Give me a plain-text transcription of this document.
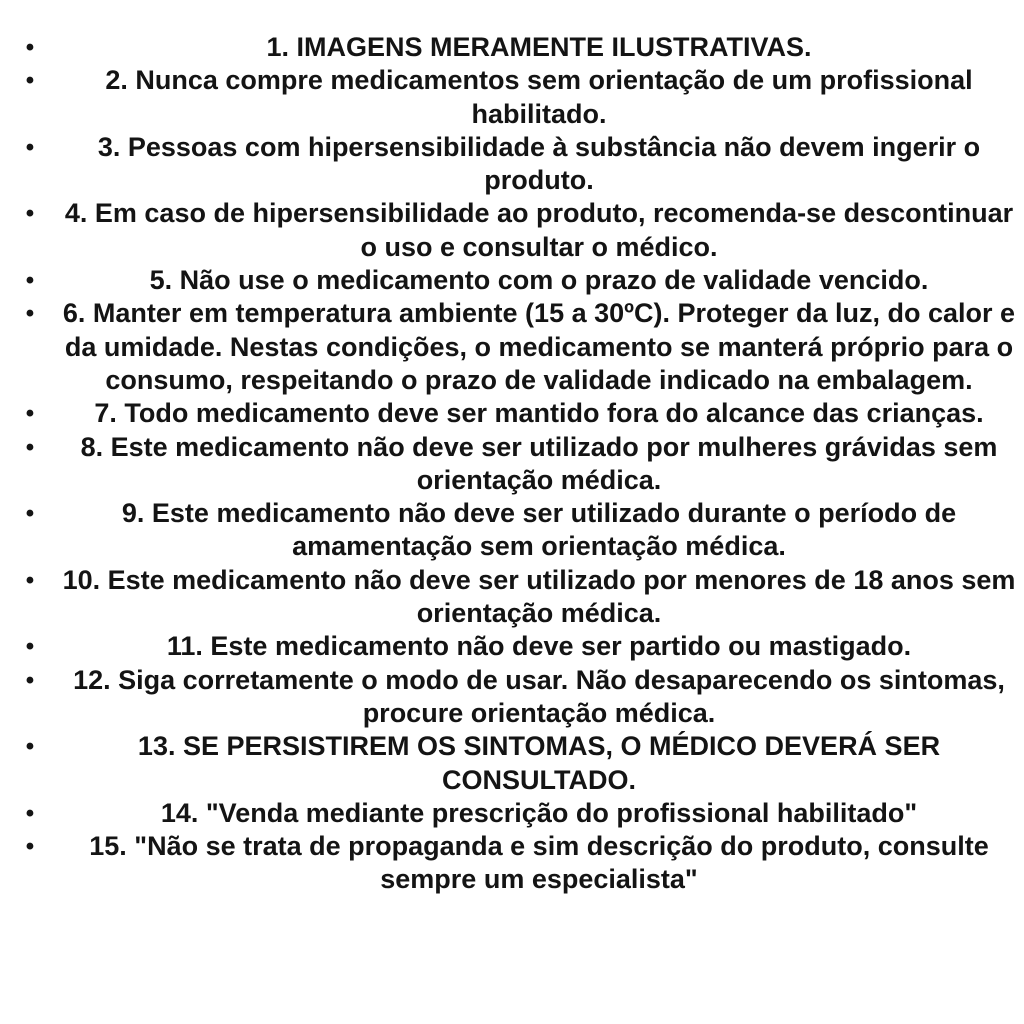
•	1. IMAGENS MERAMENTE ILUSTRATIVAS.
•	2. Nunca compre medicamentos sem orientação de um profissional habilitado.
•	3. Pessoas com hipersensibilidade à substância não devem ingerir o produto.
•	4. Em caso de hipersensibilidade ao produto, recomenda-se descontinuar o uso e consultar o médico.
•	5. Não use o medicamento com o prazo de validade vencido.
• 6. Manter em temperatura ambiente (15 a 30ºC). Proteger da luz, do calor e da umidade. Nestas condições, o medicamento se manterá próprio para o consumo, respeitando o prazo de validade indicado na embalagem.
•	7. Todo medicamento deve ser mantido fora do alcance das crianças.
•	8. Este medicamento não deve ser utilizado por mulheres grávidas sem orientação médica.
•	9. Este medicamento não deve ser utilizado durante o período de amamentação sem orientação médica.
• 10. Este medicamento não deve ser utilizado por menores de 18 anos sem orientação médica.
•	11. Este medicamento não deve ser partido ou mastigado.
•	12. Siga corretamente o modo de usar. Não desaparecendo os sintomas, procure orientação médica.
•	13. SE PERSISTIREM OS SINTOMAS, O MÉDICO DEVERÁ SER CONSULTADO.
•	14. "Venda mediante prescrição do profissional habilitado"
•	15. "Não se trata de propaganda e sim descrição do produto, consulte sempre um especialista"
